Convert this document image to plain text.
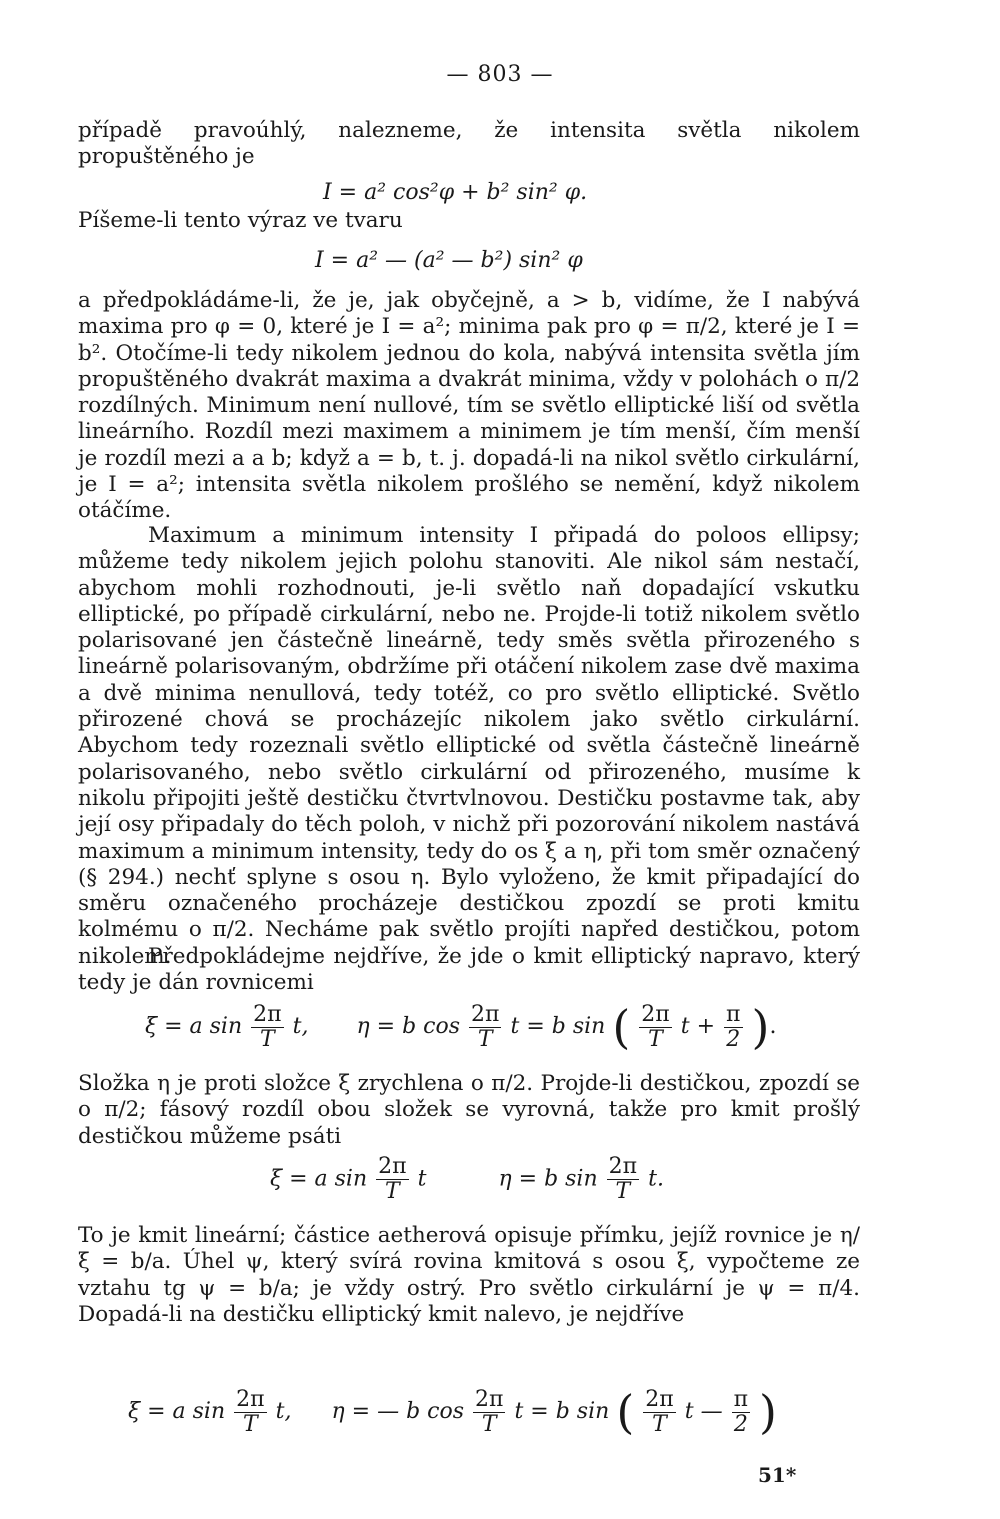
— 803 —
případě pravoúhlý, nalezneme, že intensita světla nikolem propuštěného je
I = a² cos²φ + b² sin² φ.
Píšeme-li tento výraz ve tvaru
I = a² — (a² — b²) sin² φ
a předpokládáme-li, že je, jak obyčejně, a > b, vidíme, že I nabývá maxima pro φ = 0, které je I = a²; minima pak pro φ = π/2, které je I = b². Otočíme-li tedy nikolem jednou do kola, nabývá intensita světla jím propuštěného dvakrát maxima a dvakrát minima, vždy v polohách o π/2 rozdílných. Minimum není nullové, tím se světlo elliptické liší od světla lineárního. Rozdíl mezi maximem a minimem je tím menší, čím menší je rozdíl mezi a a b; když a = b, t. j. dopadá-li na nikol světlo cirkulární, je I = a²; intensita světla nikolem prošlého se nemění, když nikolem otáčíme.
Maximum a minimum intensity I připadá do poloos ellipsy; můžeme tedy nikolem jejich polohu stanoviti. Ale nikol sám nestačí, abychom mohli rozhodnouti, je-li světlo naň dopadající vskutku elliptické, po případě cirkulární, nebo ne. Projde-li totiž nikolem světlo polarisované jen částečně lineárně, tedy směs světla přirozeného s lineárně polarisovaným, obdržíme při otáčení nikolem zase dvě maxima a dvě minima nenullová, tedy totéž, co pro světlo elliptické. Světlo přirozené chová se procházejíc nikolem jako světlo cirkulární. Abychom tedy rozeznali světlo elliptické od světla částečně lineárně polarisovaného, nebo světlo cirkulární od přirozeného, musíme k nikolu připojiti ještě destičku čtvrtvlnovou. Destičku postavme tak, aby její osy připadaly do těch poloh, v nichž při pozorování nikolem nastává maximum a minimum intensity, tedy do os ξ a η, při tom směr označený (§ 294.) nechť splyne s osou η. Bylo vyloženo, že kmit připadající do směru označeného procházeje destičkou zpozdí se proti kmitu kolmému o π/2. Necháme pak světlo projíti napřed destičkou, potom nikolem.
Předpokládejme nejdříve, že jde o kmit elliptický napravo, který tedy je dán rovnicemi
ξ = a $\sin \frac{2\pi}{T} t$, η = b $\cos \frac{2\pi}{T}$ t = b sin ( $\frac{2\pi}{T}$ $t + \frac{\pi}{2}$ ).
Složka η je proti složce ξ zrychlena o π/2. Projde-li destičkou, zpozdí se o π/2; fásový rozdíl obou složek se vyrovná, takže pro kmit prošlý destičkou můžeme psáti
ξ = a $\sin \frac{2\pi}{T}$ t	η = b $\sin \frac{2\pi}{T} t$.
To je kmit lineární; částice aetherová opisuje přímku, jejíž rovnice je η/ξ = b/a. Úhel ψ, který svírá rovina kmitová s osou ξ, vypočteme ze vztahu tg ψ = b/a; je vždy ostrý. Pro světlo cirkulární je ψ = π/4. Dopadá-li na destičku elliptický kmit nalevo, je nejdříve
ξ = a $\sin \frac{2\pi}{T} t$, η = — b $\cos \frac{2\pi}{T}$ t = b sin ( $\frac{2\pi}{T}$ t — $\frac{\pi}{2}$ )
51*
